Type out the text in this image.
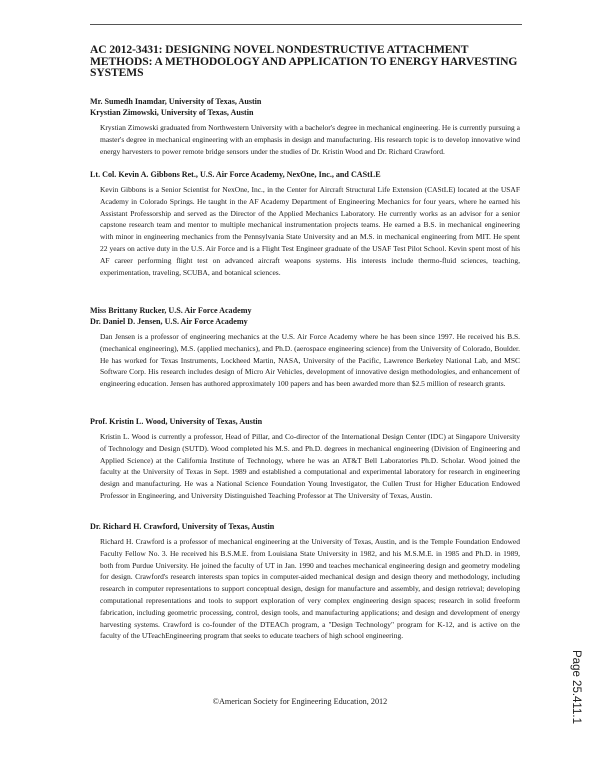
AC 2012-3431: DESIGNING NOVEL NONDESTRUCTIVE ATTACHMENT METHODS: A METHODOLOGY AND APPLICATION TO ENERGY HARVESTING SYSTEMS
Mr. Sumedh Inamdar, University of Texas, Austin
Krystian Zimowski, University of Texas, Austin
Krystian Zimowski graduated from Northwestern University with a bachelor's degree in mechanical engineering. He is currently pursuing a master's degree in mechanical engineering with an emphasis in design and manufacturing. His research topic is to develop innovative wind energy harvesters to power remote bridge sensors under the studies of Dr. Kristin Wood and Dr. Richard Crawford.
Lt. Col. Kevin A. Gibbons Ret., U.S. Air Force Academy, NexOne, Inc., and CAStLE
Kevin Gibbons is a Senior Scientist for NexOne, Inc., in the Center for Aircraft Structural Life Extension (CAStLE) located at the USAF Academy in Colorado Springs. He taught in the AF Academy Department of Engineering Mechanics for four years, where he earned his Assistant Professorship and served as the Director of the Applied Mechanics Laboratory. He currently works as an advisor for a senior capstone research team and mentor to multiple mechanical instrumentation projects teams. He earned a B.S. in mechanical engineering with minor in engineering mechanics from the Pennsylvania State University and an M.S. in mechanical engineering from MIT. He spent 22 years on active duty in the U.S. Air Force and is a Flight Test Engineer graduate of the USAF Test Pilot School. Kevin spent most of his AF career performing flight test on advanced aircraft weapons systems. His interests include thermo-fluid sciences, teaching, experimentation, traveling, SCUBA, and botanical sciences.
Miss Brittany Rucker, U.S. Air Force Academy
Dr. Daniel D. Jensen, U.S. Air Force Academy
Dan Jensen is a professor of engineering mechanics at the U.S. Air Force Academy where he has been since 1997. He received his B.S. (mechanical engineering), M.S. (applied mechanics), and Ph.D. (aerospace engineering science) from the University of Colorado, Boulder. He has worked for Texas Instruments, Lockheed Martin, NASA, University of the Pacific, Lawrence Berkeley National Lab, and MSC Software Corp. His research includes design of Micro Air Vehicles, development of innovative design methodologies, and enhancement of engineering education. Jensen has authored approximately 100 papers and has been awarded more than $2.5 million of research grants.
Prof. Kristin L. Wood, University of Texas, Austin
Kristin L. Wood is currently a professor, Head of Pillar, and Co-director of the International Design Center (IDC) at Singapore University of Technology and Design (SUTD). Wood completed his M.S. and Ph.D. degrees in mechanical engineering (Division of Engineering and Applied Science) at the California Institute of Technology, where he was an AT&T Bell Laboratories Ph.D. Scholar. Wood joined the faculty at the University of Texas in Sept. 1989 and established a computational and experimental laboratory for research in engineering design and manufacturing. He was a National Science Foundation Young Investigator, the Cullen Trust for Higher Education Endowed Professor in Engineering, and University Distinguished Teaching Professor at The University of Texas, Austin.
Dr. Richard H. Crawford, University of Texas, Austin
Richard H. Crawford is a professor of mechanical engineering at the University of Texas, Austin, and is the Temple Foundation Endowed Faculty Fellow No. 3. He received his B.S.M.E. from Louisiana State University in 1982, and his M.S.M.E. in 1985 and Ph.D. in 1989, both from Purdue University. He joined the faculty of UT in Jan. 1990 and teaches mechanical engineering design and geometry modeling for design. Crawford's research interests span topics in computer-aided mechanical design and design theory and methodology, including research in computer representations to support conceptual design, design for manufacture and assembly, and design retrieval; developing computational representations and tools to support exploration of very complex engineering design spaces; research in solid freeform fabrication, including geometric processing, control, design tools, and manufacturing applications; and design and development of energy harvesting systems. Crawford is co-founder of the DTEACh program, a "Design Technology" program for K-12, and is active on the faculty of the UTeachEngineering program that seeks to educate teachers of high school engineering.
©American Society for Engineering Education, 2012	Page 25.411.1
